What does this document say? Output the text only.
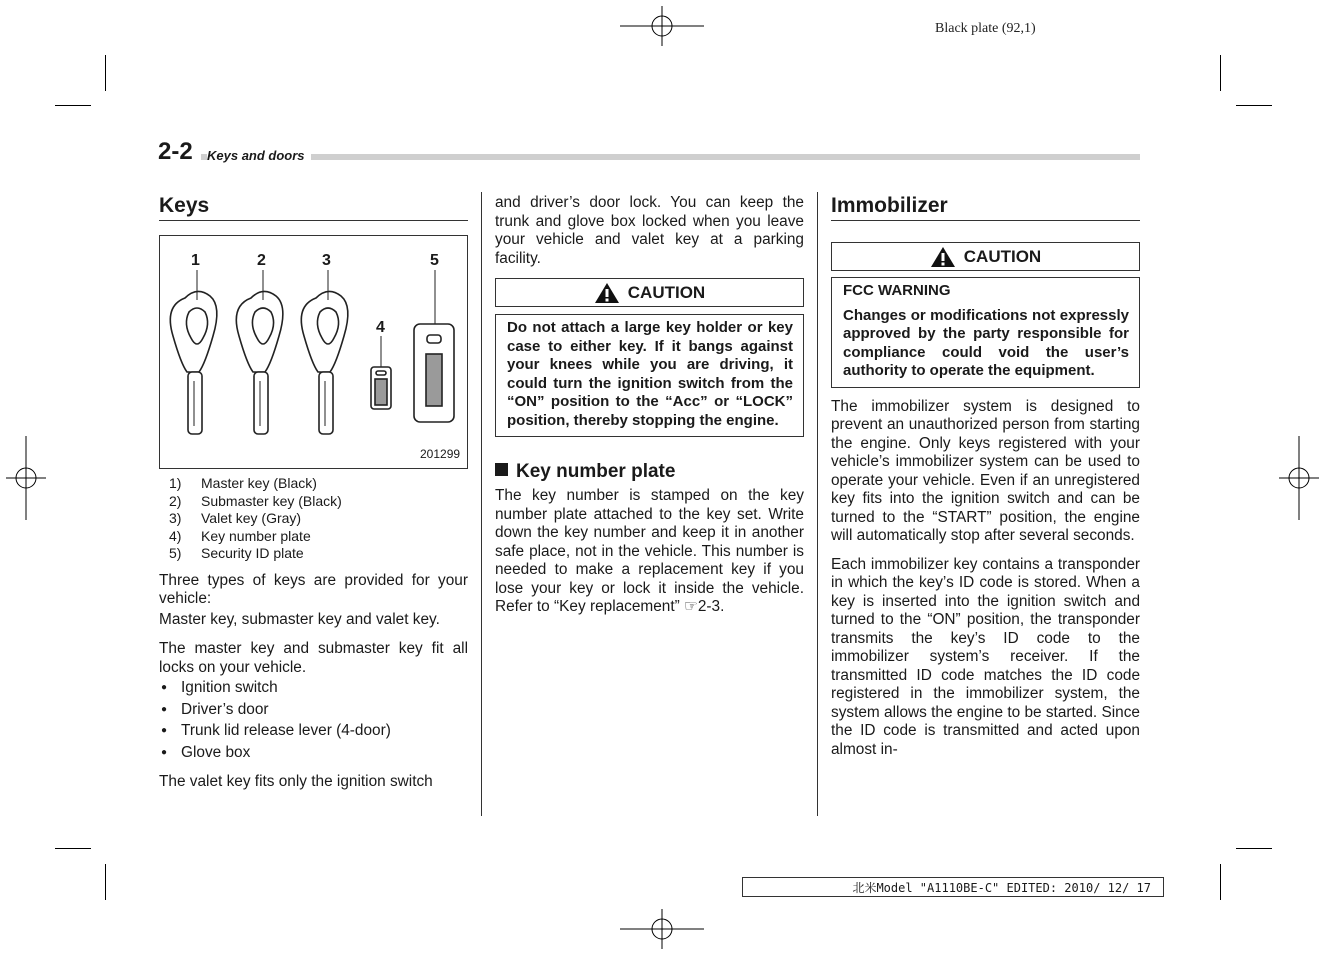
Black plate (92,1)
2-2	Keys and doors
Keys
1	2	3
4
5
201299
1) Master key (Black)
2) Submaster key (Black)
3) Valet key (Gray)
4) Key number plate
5) Security ID plate

Three types of keys are provided for your vehicle:

Master key, submaster key and valet key.

The master key and submaster key fit all locks on your vehicle.

● Ignition switch
● Driver’s door
● Trunk lid release lever (4-door)
● Glove box

The valet key fits only the ignition switch

and driver’s door lock. You can keep the trunk and glove box locked when you leave your vehicle and valet key at a parking facility.

CAUTION
Do not attach a large key holder or key case to either key. If it bangs against your knees while you are driving, it could turn the ignition switch from the “ON” position to the “Acc” or “LOCK” position, thereby stopping the engine.
Key number plate

The key number is stamped on the key number plate attached to the key set. Write down the key number and keep it in another safe place, not in the vehicle. This number is needed to make a replacement key if you lose your key or lock it inside the vehicle. Refer to “Key replacement” ☞2-3.

Immobilizer
CAUTION
FCC WARNING
Changes or modifications not expressly approved by the party responsible for compliance could void the user’s authority to operate the equipment.

The immobilizer system is designed to prevent an unauthorized person from starting the engine. Only keys registered with your vehicle’s immobilizer system can be used to operate your vehicle. Even if an unregistered key fits into the ignition switch and can be turned to the “START” position, the engine will automatically stop after several seconds.

Each immobilizer key contains a transponder in which the key’s ID code is stored. When a key is inserted into the ignition switch and turned to the “ON” position, the transponder transmits the key’s ID code to the immobilizer system’s receiver. If the transmitted ID code matches the ID code registered in the immobilizer system, the system allows the engine to be started. Since the ID code is transmitted and acted upon almost in-

北米Model "A1110BE-C" EDITED: 2010/ 12/ 17
